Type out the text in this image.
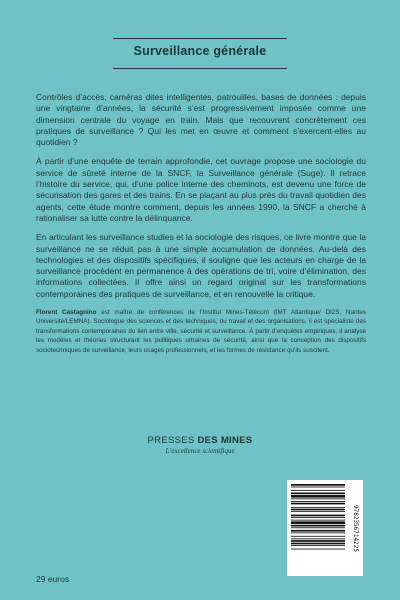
Surveillance générale

Contrôles d’accès, caméras dites intelligentes, patrouilles, bases de données : depuis une vingtaine d’années, la sécurité s’est progressivement imposée comme une dimension centrale du voyage en train. Mais que recouvrent concrètement ces pratiques de surveillance ? Qui les met en œuvre et comment s’exercent-elles au quotidien ?

À partir d’une enquête de terrain approfondie, cet ouvrage propose une sociologie du service de sûreté interne de la SNCF, la Surveillance générale (Suge). Il retrace l’histoire du service, qui, d’une police interne des cheminots, est devenu une force de sécurisation des gares et des trains. En se plaçant au plus près du travail quotidien des agents, cette étude montre comment, depuis les années 1990, la SNCF a cherché à rationaliser sa lutte contre la délinquance.

En articulant les surveillance studies et la sociologie des risques, ce livre montre que la surveillance ne se réduit pas à une simple accumulation de données. Au-delà des technologies et des dispositifs spécifiques, il souligne que les acteurs en charge de la surveillance procèdent en permanence à des opérations de tri, voire d’élimination, des informations collectées. Il offre ainsi un regard original sur les transformations contemporaines des pratiques de surveillance, et en renouvelle la critique.

Florent Castagnino est maître de conférences de l’Institut Mines-Télécom (IMT Atlantique/ DI2S, Nantes Université/LEMNA). Sociologue des sciences et des techniques, du travail et des organisations, il est spécialiste des transformations contemporaines du lien entre ville, sécurité et surveillance. À partir d’enquêtes empiriques, il analyse les modèles et théories structurant les politiques urbaines de sécurité, ainsi que la conception des dispositifs sociotechniques de surveillance, leurs usages professionnels, et les formes de résistance qu’ils suscitent.

PRESSES DES MINES
L’excellence scientifique
9782356714225
29 euros
